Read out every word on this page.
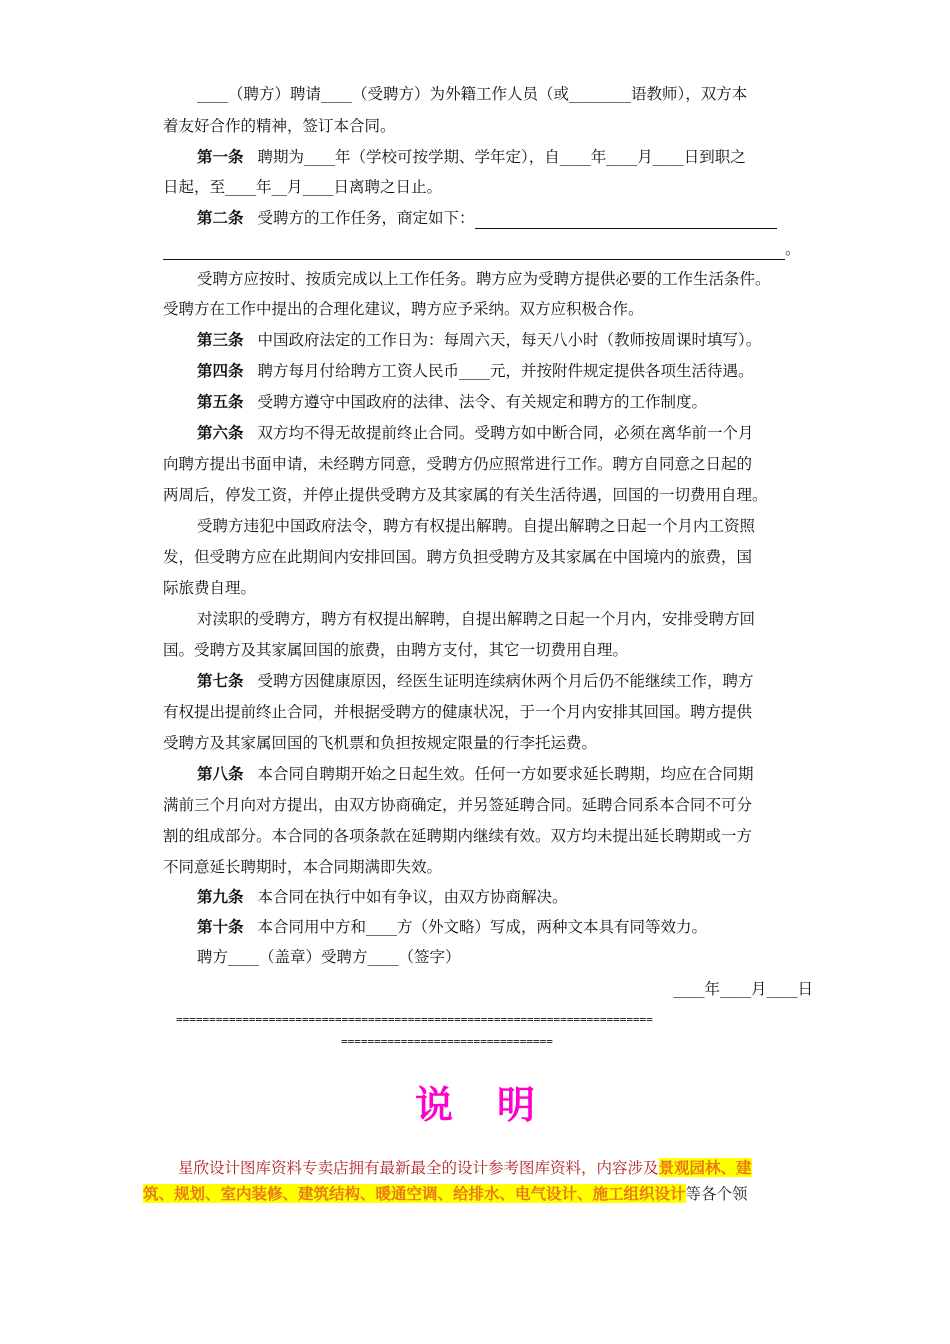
____（聘方）聘请____（受聘方）为外籍工作人员（或________语教师），双方本
着友好合作的精神，签订本合同。
第一条 聘期为____年（学校可按学期、学年定），自____年____月____日到职之
日起，至____年__月____日离聘之日止。
第二条 受聘方的工作任务，商定如下：
。
受聘方应按时、按质完成以上工作任务。聘方应为受聘方提供必要的工作生活条件。
受聘方在工作中提出的合理化建议，聘方应予采纳。双方应积极合作。
第三条 中国政府法定的工作日为：每周六天，每天八小时（教师按周课时填写）。
第四条 聘方每月付给聘方工资人民币____元，并按附件规定提供各项生活待遇。
第五条 受聘方遵守中国政府的法律、法令、有关规定和聘方的工作制度。
第六条 双方均不得无故提前终止合同。受聘方如中断合同，必须在离华前一个月
向聘方提出书面申请，未经聘方同意，受聘方仍应照常进行工作。聘方自同意之日起的
两周后，停发工资，并停止提供受聘方及其家属的有关生活待遇，回国的一切费用自理。
受聘方违犯中国政府法令，聘方有权提出解聘。自提出解聘之日起一个月内工资照
发，但受聘方应在此期间内安排回国。聘方负担受聘方及其家属在中国境内的旅费，国
际旅费自理。
对渎职的受聘方，聘方有权提出解聘，自提出解聘之日起一个月内，安排受聘方回
国。受聘方及其家属回国的旅费，由聘方支付，其它一切费用自理。
第七条 受聘方因健康原因，经医生证明连续病休两个月后仍不能继续工作，聘方
有权提出提前终止合同，并根据受聘方的健康状况，于一个月内安排其回国。聘方提供
受聘方及其家属回国的飞机票和负担按规定限量的行李托运费。
第八条 本合同自聘期开始之日起生效。任何一方如要求延长聘期，均应在合同期
满前三个月向对方提出，由双方协商确定，并另签延聘合同。延聘合同系本合同不可分
割的组成部分。本合同的各项条款在延聘期内继续有效。双方均未提出延长聘期或一方
不同意延长聘期时，本合同期满即失效。
第九条 本合同在执行中如有争议，由双方协商解决。
第十条 本合同用中方和____方（外文略）写成，两种文本具有同等效力。
聘方____（盖章）受聘方____（签字）
____年____月____日
========================================================================
================================
说明
星欣设计图库资料专卖店拥有最新最全的设计参考图库资料，内容涉及景观园林、建
筑、规划、室内装修、建筑结构、暖通空调、给排水、电气设计、施工组织设计等各个领
